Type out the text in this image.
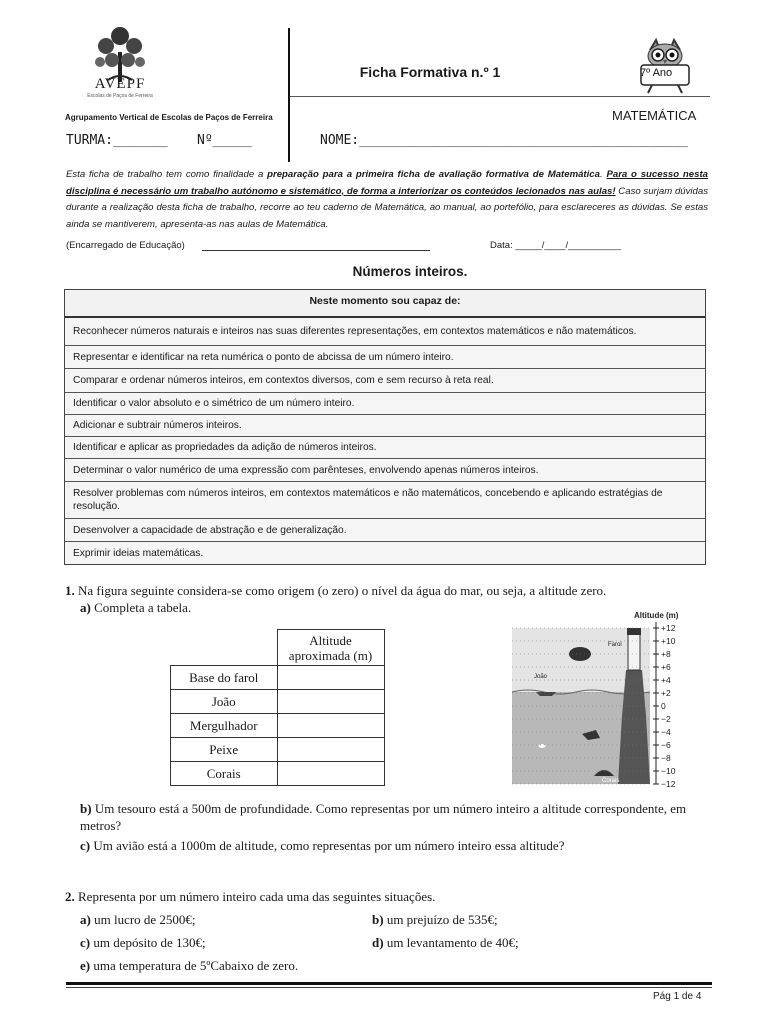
AVEPF
Escolas de Paços de Ferreira
Agrupamento Vertical de Escolas de Paços de Ferreira
Ficha Formativa n.º 1	7º Ano
MATEMÁTICA
TURMA:_______ Nº_____	NOME:__________________________________________
Esta ficha de trabalho tem como finalidade a preparação para a primeira ficha de avaliação formativa de Matemática. Para o sucesso nesta disciplina é necessário um trabalho autónomo e sistemático, de forma a interiorizar os conteúdos lecionados nas aulas! Caso surjam dúvidas durante a realização desta ficha de trabalho, recorre ao teu caderno de Matemática, ao manual, ao portefólio, para esclareceres as dúvidas. Se estas ainda se mantiverem, apresenta-as nas aulas de Matemática.
(Encarregado de Educação)	Data: _____/____/__________
Números inteiros.
Neste momento sou capaz de:
Reconhecer números naturais e inteiros nas suas diferentes representações, em contextos matemáticos e não matemáticos.
Representar e identificar na reta numérica o ponto de abcissa de um número inteiro.
Comparar e ordenar números inteiros, em contextos diversos, com e sem recurso à reta real.
Identificar o valor absoluto e o simétrico de um número inteiro.
Adicionar e subtrair números inteiros.
Identificar e aplicar as propriedades da adição de números inteiros.
Determinar o valor numérico de uma expressão com parênteses, envolvendo apenas números inteiros.
Resolver problemas com números inteiros, em contextos matemáticos e não matemáticos, concebendo e aplicando estratégias de resolução.
Desenvolver a capacidade de abstração e de generalização.
Exprimir ideias matemáticas.
1. Na figura seguinte considera-se como origem (o zero) o nível da água do mar, ou seja, a altitude zero.
a) Completa a tabela.
	Altitude aproximada (m)
Base do farol	
João	
Mergulhador	
Peixe	
Corais	
Altitude (m)
+12
+10
+8
+6
+4
+2
0
−2
−4
−6
−8
−10
−12
Farol
João
Corais
b) Um tesouro está a 500m de profundidade. Como representas por um número inteiro a altitude correspondente, em metros?
c) Um avião está a 1000m de altitude, como representas por um número inteiro essa altitude?
2. Representa por um número inteiro cada uma das seguintes situações.
a) um lucro de 2500€;	b) um prejuízo de 535€;
c) um depósito de 130€;	d) um levantamento de 40€;
e) uma temperatura de 5ºCabaixo de zero.
Pág 1 de 4
